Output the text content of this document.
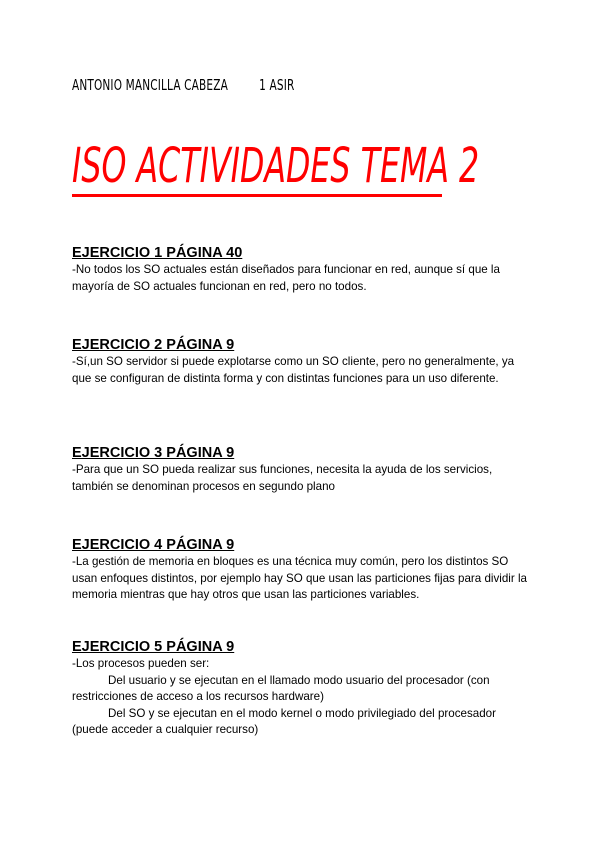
ANTONIO MANCILLA CABEZA 1 ASIR
ISO ACTIVIDADES TEMA 2

EJERCICIO 1 PÁGINA 40

-No todos los SO actuales están diseñados para funcionar en red, aunque sí que la mayoría de SO actuales funcionan en red, pero no todos.

EJERCICIO 2 PÁGINA 9

-Sí,un SO servidor si puede explotarse como un SO cliente, pero no generalmente, ya que se configuran de distinta forma y con distintas funciones para un uso diferente.

EJERCICIO 3 PÁGINA 9

-Para que un SO pueda realizar sus funciones, necesita la ayuda de los servicios, también se denominan procesos en segundo plano

EJERCICIO 4 PÁGINA 9

-La gestión de memoria en bloques es una técnica muy común, pero los distintos SO usan enfoques distintos, por ejemplo hay SO que usan las particiones fijas para dividir la memoria mientras que hay otros que usan las particiones variables.

EJERCICIO 5 PÁGINA 9

-Los procesos pueden ser:

Del usuario y se ejecutan en el llamado modo usuario del procesador (con restricciones de acceso a los recursos hardware)

Del SO y se ejecutan en el modo kernel o modo privilegiado del procesador (puede acceder a cualquier recurso)
